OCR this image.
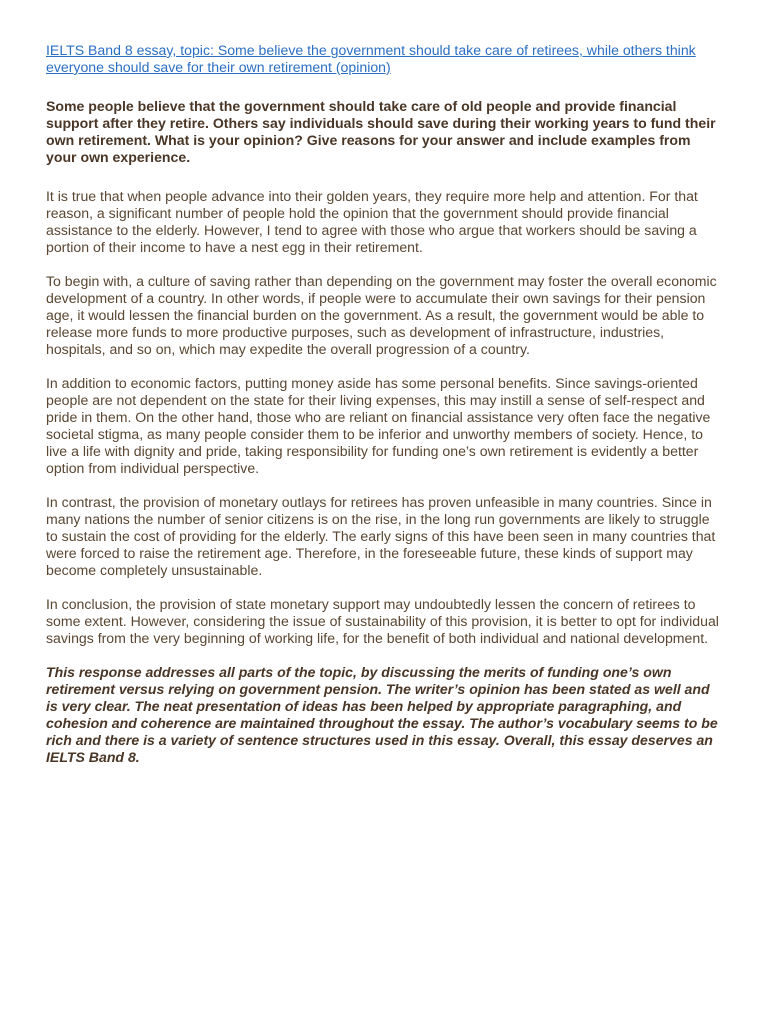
IELTS Band 8 essay, topic: Some believe the government should take care of retirees, while others think everyone should save for their own retirement (opinion)

Some people believe that the government should take care of old people and provide financial support after they retire. Others say individuals should save during their working years to fund their own retirement. What is your opinion? Give reasons for your answer and include examples from your own experience.

It is true that when people advance into their golden years, they require more help and attention. For that reason, a significant number of people hold the opinion that the government should provide financial assistance to the elderly. However, I tend to agree with those who argue that workers should be saving a portion of their income to have a nest egg in their retirement.

To begin with, a culture of saving rather than depending on the government may foster the overall economic development of a country. In other words, if people were to accumulate their own savings for their pension age, it would lessen the financial burden on the government. As a result, the government would be able to release more funds to more productive purposes, such as development of infrastructure, industries, hospitals, and so on, which may expedite the overall progression of a country.

In addition to economic factors, putting money aside has some personal benefits. Since savings-oriented people are not dependent on the state for their living expenses, this may instill a sense of self-respect and pride in them. On the other hand, those who are reliant on financial assistance very often face the negative societal stigma, as many people consider them to be inferior and unworthy members of society. Hence, to live a life with dignity and pride, taking responsibility for funding one’s own retirement is evidently a better option from individual perspective.

In contrast, the provision of monetary outlays for retirees has proven unfeasible in many countries. Since in many nations the number of senior citizens is on the rise, in the long run governments are likely to struggle to sustain the cost of providing for the elderly. The early signs of this have been seen in many countries that were forced to raise the retirement age. Therefore, in the foreseeable future, these kinds of support may become completely unsustainable.

In conclusion, the provision of state monetary support may undoubtedly lessen the concern of retirees to some extent. However, considering the issue of sustainability of this provision, it is better to opt for individual savings from the very beginning of working life, for the benefit of both individual and national development.

This response addresses all parts of the topic, by discussing the merits of funding one’s own retirement versus relying on government pension. The writer’s opinion has been stated as well and is very clear. The neat presentation of ideas has been helped by appropriate paragraphing, and cohesion and coherence are maintained throughout the essay. The author’s vocabulary seems to be rich and there is a variety of sentence structures used in this essay. Overall, this essay deserves an IELTS Band 8.
